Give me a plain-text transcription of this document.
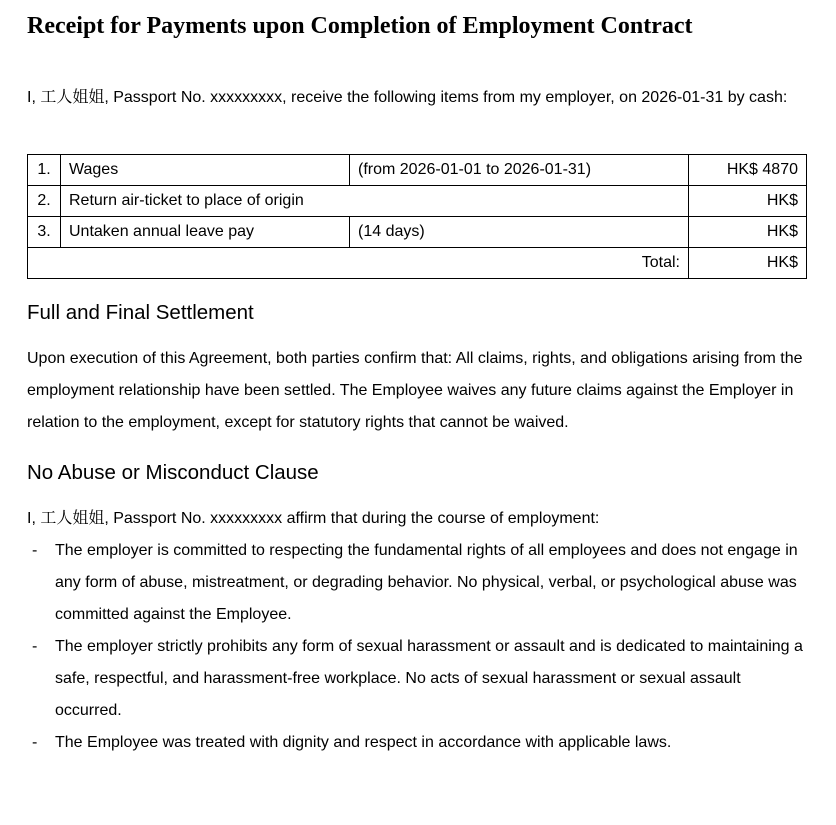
Receipt for Payments upon Completion of Employment Contract

I, 工人姐姐, Passport No. xxxxxxxxx, receive the following items from my employer, on 2026-01-31 by cash:

1.	Wages	(from 2026-01-01 to 2026-01-31)	HK$ 4870
2.	Return air-ticket to place of origin		HK$
3.	Untaken annual leave pay	(14 days)	HK$
Total:			HK$
Full and Final Settlement

Upon execution of this Agreement, both parties confirm that: All claims, rights, and obligations arising from the employment relationship have been settled. The Employee waives any future claims against the Employer in relation to the employment, except for statutory rights that cannot be waived.

No Abuse or Misconduct Clause

I, 工人姐姐, Passport No. xxxxxxxxx affirm that during the course of employment:

-	The employer is committed to respecting the fundamental rights of all employees and does not engage in any form of abuse, mistreatment, or degrading behavior. No physical, verbal, or psychological abuse was committed against the Employee.
-	The employer strictly prohibits any form of sexual harassment or assault and is dedicated to maintaining a safe, respectful, and harassment-free workplace. No acts of sexual harassment or sexual assault occurred.
-	The Employee was treated with dignity and respect in accordance with applicable laws.
